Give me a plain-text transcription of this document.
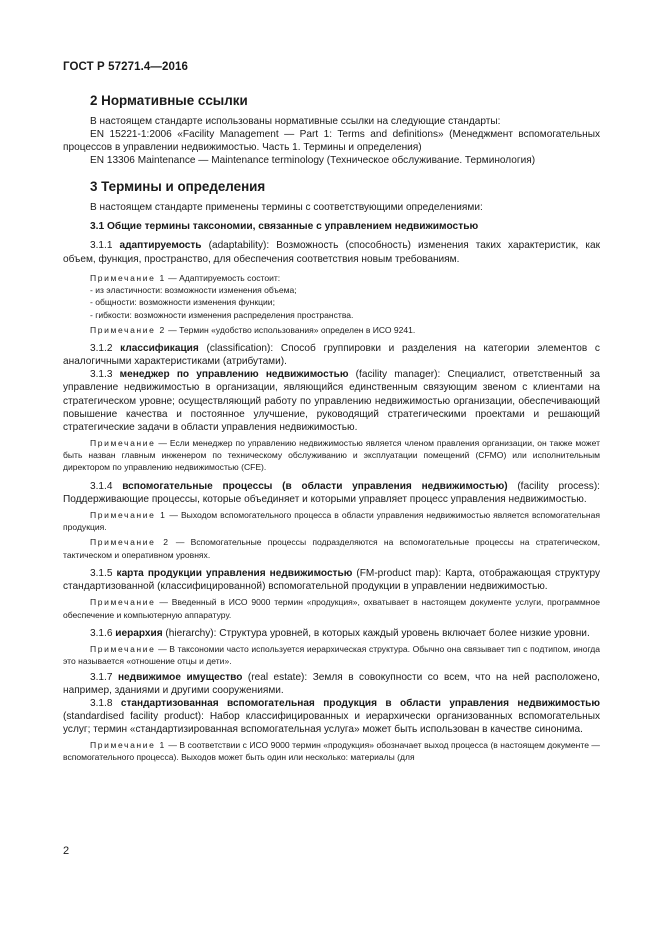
ГОСТ Р 57271.4—2016
2 Нормативные ссылки

В настоящем стандарте использованы нормативные ссылки на следующие стандарты:

EN 15221-1:2006 «Facility Management — Part 1: Terms and definitions» (Менеджмент вспомогательных процессов в управлении недвижимостью. Часть 1. Термины и определения)

EN 13306 Maintenance — Maintenance terminology (Техническое обслуживание. Терминология)

3 Термины и определения

В настоящем стандарте применены термины с соответствующими определениями:

3.1 Общие термины таксономии, связанные с управлением недвижимостью

3.1.1 адаптируемость (adaptability): Возможность (способность) изменения таких характеристик, как объем, функция, пространство, для обеспечения соответствия новым требованиям.

Примечание 1 — Адаптируемость состоит:

- из эластичности: возможности изменения объема;
- общности: возможности изменения функции;
- гибкости: возможности изменения распределения пространства.

Примечание 2 — Термин «удобство использования» определен в ИСО 9241.

3.1.2 классификация (classification): Способ группировки и разделения на категории элементов с аналогичными характеристиками (атрибутами).

3.1.3 менеджер по управлению недвижимостью (facility manager): Специалист, ответственный за управление недвижимостью в организации, являющийся единственным связующим звеном с клиентами на стратегическом уровне; осуществляющий работу по управлению недвижимостью организации, обеспечивающий повышение качества и постоянное улучшение, руководящий стратегическими проектами и решающий стратегические задачи в области управления недвижимостью.

Примечание — Если менеджер по управлению недвижимостью является членом правления организации, он также может быть назван главным инженером по техническому обслуживанию и эксплуатации помещений (CFMO) или исполнительным директором по управлению недвижимостью (CFE).

3.1.4 вспомогательные процессы (в области управления недвижимостью) (facility process): Поддерживающие процессы, которые объединяет и которыми управляет процесс управления недвижимостью.

Примечание 1 — Выходом вспомогательного процесса в области управления недвижимостью является вспомогательная продукция.

Примечание 2 — Вспомогательные процессы подразделяются на вспомогательные процессы на стратегическом, тактическом и оперативном уровнях.

3.1.5 карта продукции управления недвижимостью (FM-product map): Карта, отображающая структуру стандартизованной (классифицированной) вспомогательной продукции в управлении недвижимостью.

Примечание — Введенный в ИСО 9000 термин «продукция», охватывает в настоящем документе услуги, программное обеспечение и компьютерную аппаратуру.

3.1.6 иерархия (hierarchy): Структура уровней, в которых каждый уровень включает более низкие уровни.

Примечание — В таксономии часто используется иерархическая структура. Обычно она связывает тип с подтипом, иногда это называется «отношение отцы и дети».

3.1.7 недвижимое имущество (real estate): Земля в совокупности со всем, что на ней расположено, например, зданиями и другими сооружениями.

3.1.8 стандартизованная вспомогательная продукция в области управления недвижимостью (standardised facility product): Набор классифицированных и иерархически организованных вспомогательных услуг; термин «стандартизированная вспомогательная услуга» может быть использован в качестве синонима.

Примечание 1 — В соответствии с ИСО 9000 термин «продукция» обозначает выход процесса (в настоящем документе — вспомогательного процесса). Выходов может быть один или несколько: материалы (для

2
